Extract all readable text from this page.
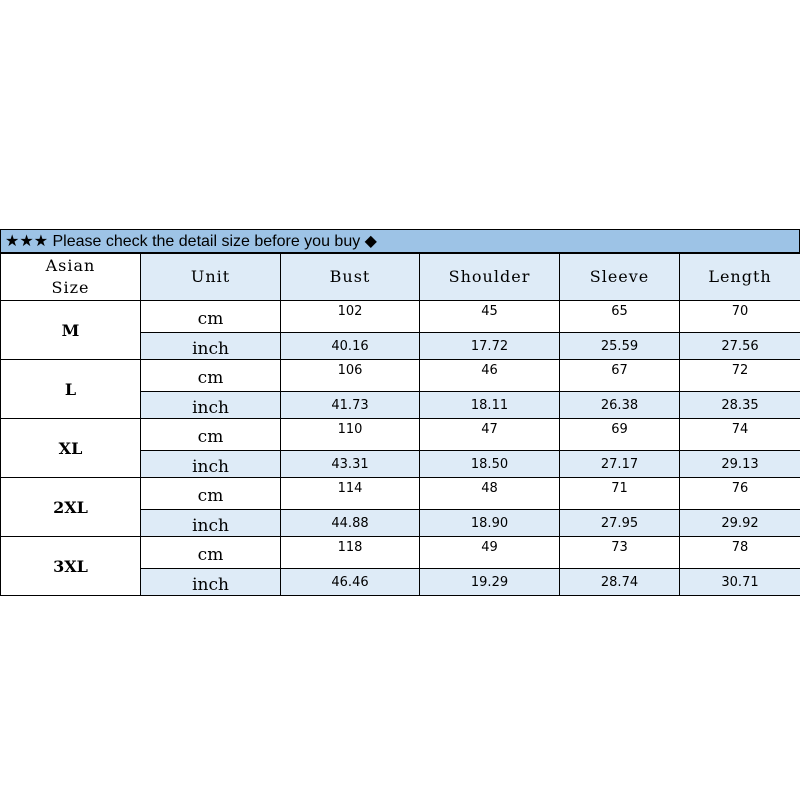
★★★ Please check the detail size before you buy ◆
Asian
Size	Unit	Bust	Shoulder	Sleeve	Length
M	cm	102	45	65	70
	inch	40.16	17.72	25.59	27.56
L	cm	106	46	67	72
	inch	41.73	18.11	26.38	28.35
XL	cm	110	47	69	74
	inch	43.31	18.50	27.17	29.13
2XL	cm	114	48	71	76
	inch	44.88	18.90	27.95	29.92
3XL	cm	118	49	73	78
	inch	46.46	19.29	28.74	30.71
